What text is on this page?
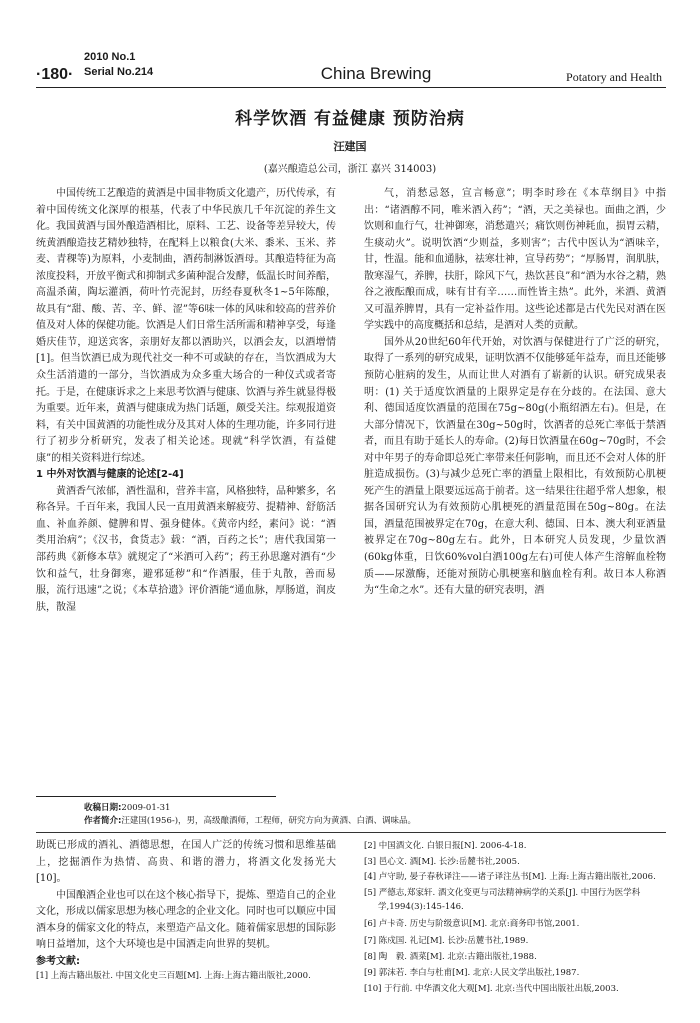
·180·
2010 No.1
Serial No.214	China Brewing	Potatory and Health
科学饮酒 有益健康 预防治病
汪建国
(嘉兴酿造总公司，浙江 嘉兴 314003)

中国传统工艺酿造的黄酒是中国非物质文化遗产，历代传承，有着中国传统文化深厚的根基，代表了中华民族几千年沉淀的养生文化。我国黄酒与国外酿造酒相比，原料、工艺、设备等差异较大，传统黄酒酿造技艺精妙独特，在配料上以粮食(大米、黍米、玉米、荞麦、青稞等)为原料，小麦制曲，酒药制淋饭酒母。其酿造特征为高浓度投料，开放平衡式和抑制式多菌种混合发酵，低温长时间养醅，高温杀菌，陶坛灌酒，荷叶竹壳泥封，历经春夏秋冬1~5年陈酿，故具有“甜、酸、苦、辛、鲜、涩”等6味一体的风味和较高的营养价值及对人体的保健功能。饮酒是人们日常生活所需和精神享受，每逢婚庆佳节，迎送宾客，亲朋好友都以酒助兴，以酒会友，以酒增情[1]。但当饮酒已成为现代社交一种不可或缺的存在，当饮酒成为大众生活消遣的一部分，当饮酒成为众多重大场合的一种仪式或者寄托。于是，在健康诉求之上来思考饮酒与健康、饮酒与养生就显得极为重要。近年来，黄酒与健康成为热门话题，颇受关注。综观报道资料，有关中国黄酒的功能性成分及其对人体的生理功能，许多同行进行了初步分析研究，发表了相关论述。现就“科学饮酒，有益健康”的相关资料进行综述。

1 中外对饮酒与健康的论述[2-4]

黄酒香气浓郁，酒性温和，营养丰富，风格独特，品种繁多，名称各异。千百年来，我国人民一直用黄酒来解疲劳、提精神、舒筋活血、补血养颜、健脾和胃、强身健体。《黄帝内经，素问》说：“酒类用治病”；《汉书，食货志》载：“酒，百药之长”；唐代我国第一部药典《新修本草》就规定了“米酒可入药”；药王孙思邈对酒有“少饮和益气，壮身御寒，避邪延秽”和“作酒服，佳于丸散，善而易服，流行迅速”之说；《本草拾遗》评价酒能“通血脉，厚肠道，润皮肤，散湿

气，消愁忌怒，宣言畅意”；明李时珍在《本草纲目》中指出：“诸酒醇不同，唯米酒入药”；“酒，天之美禄也。面曲之酒，少饮则和血行气，壮神御寒，消愁遣兴；痛饮则伤神耗血，损胃云精，生痰动火”。说明饮酒“少则益，多则害”；古代中医认为“酒味辛，甘，性温。能和血通脉，祛寒壮神，宣导药势”；“厚肠胃，润肌肤，散寒湿气，养脾，扶肝，除风下气，热饮甚良”和“酒为水谷之精，熟谷之液酝酿而成，味有甘有辛……而性皆主热”。此外，米酒、黄酒又可温养脾胃，具有一定补益作用。这些论述都是古代先民对酒在医学实践中的高度概括和总结，是酒对人类的贡献。

国外从20世纪60年代开始，对饮酒与保健进行了广泛的研究，取得了一系列的研究成果，证明饮酒不仅能够延年益寿，而且还能够预防心脏病的发生，从而让世人对酒有了崭新的认识。研究成果表明：(1) 关于适度饮酒量的上限界定是存在分歧的。在法国、意大利、德国适度饮酒量的范围在75g~80g(小瓶绍酒左右)。但是，在大部分情况下，饮酒量在30g~50g时，饮酒者的总死亡率低于禁酒者，而且有助于延长人的寿命。(2)每日饮酒量在60g~70g时，不会对中年男子的寿命即总死亡率带来任何影响，而且还不会对人体的肝脏造成损伤。(3)与减少总死亡率的酒量上限相比，有效预防心肌梗死产生的酒量上限要远远高于前者。这一结果往往超乎常人想象，根据各国研究认为有效预防心肌梗死的酒量范围在50g~80g。在法国，酒量范围被界定在70g，在意大利、德国、日本、澳大利亚酒量被界定在70g~80g左右。此外，日本研究人员发现，少量饮酒(60kg体重，日饮60%vol白酒100g左右)可使人体产生溶解血栓物质——尿激酶，还能对预防心肌梗塞和脑血栓有利。故日本人称酒为“生命之水”。还有大量的研究表明，酒

收稿日期:2009-01-31
作者简介:汪建国(1956-)，男，高级酿酒师，工程师，研究方向为黄酒、白酒、调味品。

助既已形成的酒礼、酒德思想，在国人广泛的传统习惯和思维基础上，挖掘酒作为热情、高贵、和谐的潜力，将酒文化发扬光大[10]。

中国酿酒企业也可以在这个核心指导下，提炼、塑造自己的企业文化，形成以儒家思想为核心理念的企业文化。同时也可以顺应中国酒本身的儒家文化的特点，来塑造产品文化。随着儒家思想的国际影响日益增加，这个大环境也是中国酒走向世界的契机。

参考文献:

[1] 上海古籍出版社. 中国文化史三百题[M]. 上海:上海古籍出版社,2000.

[2] 中国酒文化. 白银日报[N]. 2006-4-18.
[3] 邑心文. 酒[M]. 长沙:岳麓书社,2005.
[4] 卢守助, 晏子春秋译注——诸子译注丛书[M]. 上海:上海古籍出版社,2006.
[5] 严德志,郑家轩. 酒文化变更与司法精神病学的关系[J]. 中国行为医学科学,1994(3):145-146.
[6] 卢卡奇. 历史与阶级意识[M]. 北京:商务印书馆,2001.
[7] 陈戍国. 礼记[M]. 长沙:岳麓书社,1989.
[8] 陶　毅. 酒菜[M]. 北京:古籍出版社,1988.
[9] 郭沫若. 李白与杜甫[M]. 北京:人民文学出版社,1987.
[10] 于行前. 中华酒文化大观[M]. 北京:当代中国出版社出版,2003.
